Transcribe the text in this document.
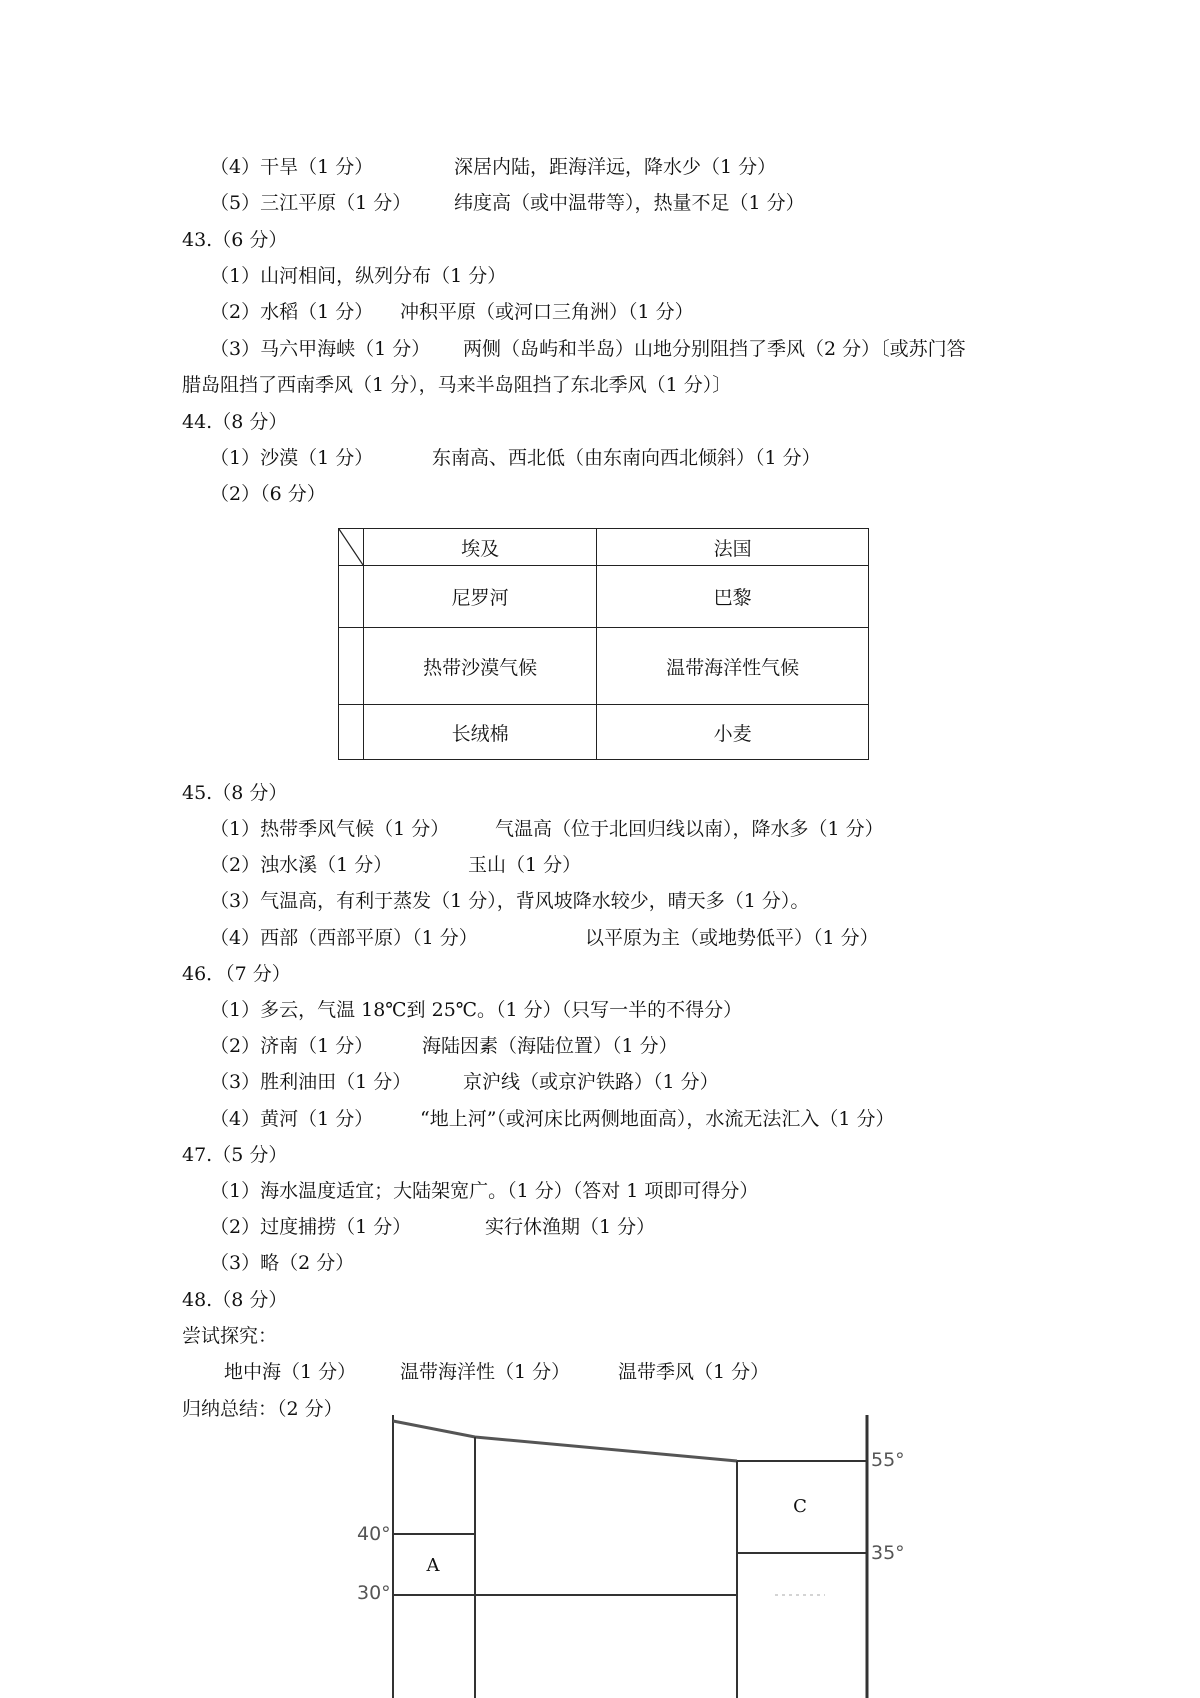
（4）干旱（1 分）	深居内陆，距海洋远，降水少（1 分）
（5）三江平原（1 分） 纬度高（或中温带等），热量不足（1 分）
43.（6 分）
（1）山河相间，纵列分布（1 分）
（2）水稻（1 分） 冲积平原（或河口三角洲）（1 分）
（3）马六甲海峡（1 分） 两侧（岛屿和半岛）山地分别阻挡了季风（2 分）〔或苏门答
腊岛阻挡了西南季风（1 分），马来半岛阻挡了东北季风（1 分）〕
44.（8 分）
（1）沙漠（1 分）	东南高、西北低（由东南向西北倾斜）（1 分）
（2）（6 分）
	埃及	法国
	尼罗河	巴黎
	热带沙漠气候	温带海洋性气候
	长绒棉	小麦
45.（8 分）
（1）热带季风气候（1 分） 气温高（位于北回归线以南），降水多（1 分）
（2）浊水溪（1 分）	玉山（1 分）
（3）气温高，有利于蒸发（1 分），背风坡降水较少，晴天多（1 分）。
（4）西部（西部平原）（1 分）	以平原为主（或地势低平）（1 分）
46．（7 分）
（1）多云，气温 18℃到 25℃。（1 分）（只写一半的不得分）
（2）济南（1 分）	海陆因素（海陆位置）（1 分）
（3）胜利油田（1 分）	京沪线（或京沪铁路）（1 分）
（4）黄河（1 分） “地上河”（或河床比两侧地面高），水流无法汇入（1 分）
47.（5 分）
（1）海水温度适宜；大陆架宽广。（1 分）（答对 1 项即可得分）
（2）过度捕捞（1 分）	实行休渔期（1 分）
（3）略（2 分）
48.（8 分）
尝试探究：
地中海（1 分） 温带海洋性（1 分）	温带季风（1 分）
归纳总结：（2 分）
40°
30°
55°
35°
A
C
